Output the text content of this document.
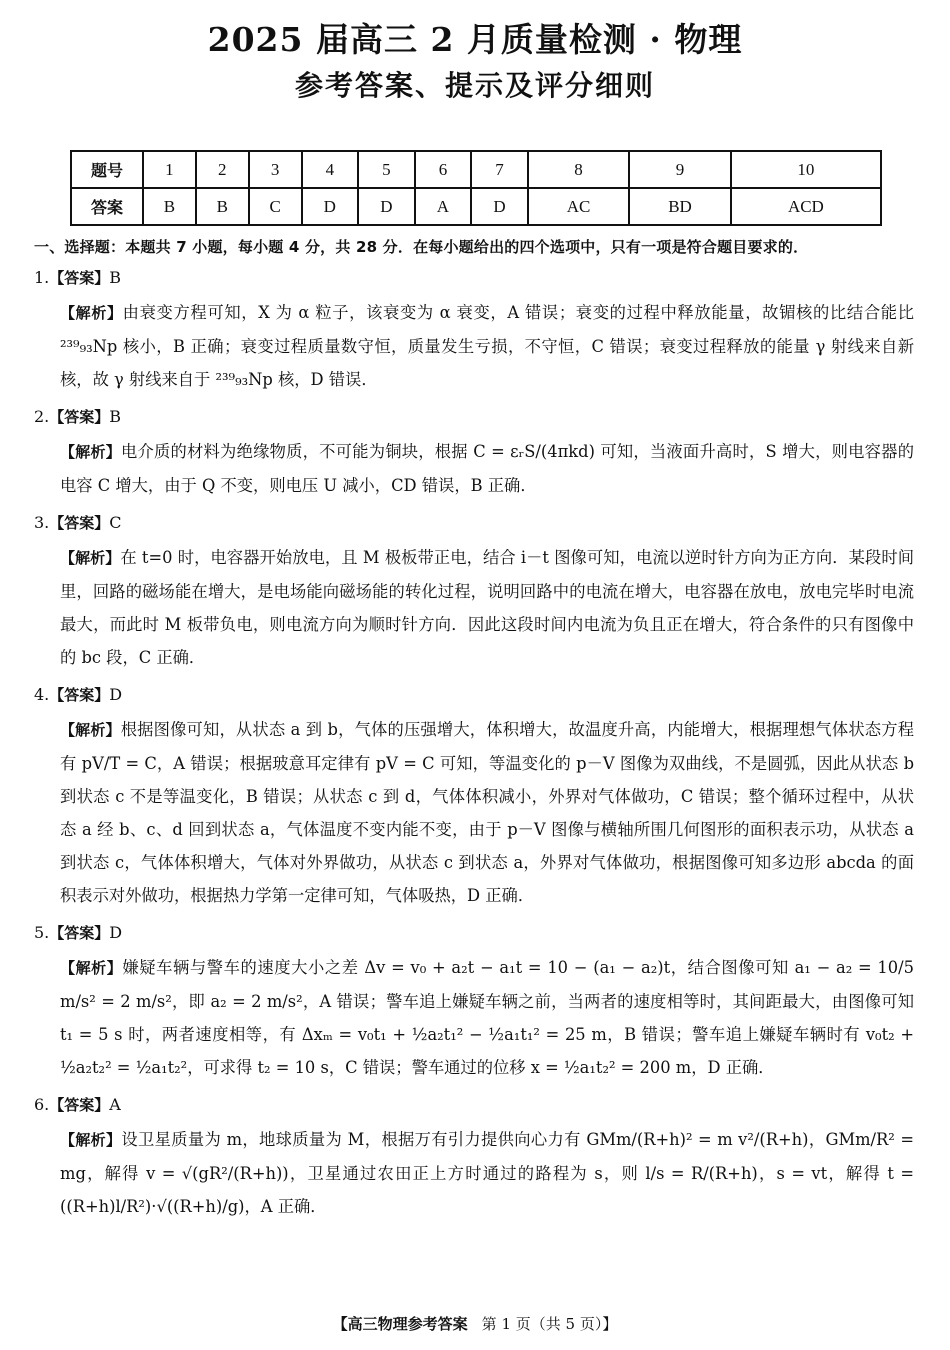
2025 届高三 2 月质量检测 · 物理
参考答案、提示及评分细则
题号	1	2	3	4	5	6	7	8	9	10
答案	B	B	C	D	D	A	D	AC	BD	ACD
一、选择题：本题共 7 小题，每小题 4 分，共 28 分．在每小题给出的四个选项中，只有一项是符合题目要求的．
1.【答案】B

【解析】由衰变方程可知，X 为 α 粒子，该衰变为 α 衰变，A 错误；衰变的过程中释放能量，故镅核的比结合能比 ²³⁹₉₃Np 核小，B 正确；衰变过程质量数守恒，质量发生亏损，不守恒，C 错误；衰变过程释放的能量 γ 射线来自新核，故 γ 射线来自于 ²³⁹₉₃Np 核，D 错误．

2.【答案】B

【解析】电介质的材料为绝缘物质，不可能为铜块，根据 C = εᵣS/(4πkd) 可知，当液面升高时，S 增大，则电容器的电容 C 增大，由于 Q 不变，则电压 U 减小，CD 错误，B 正确．

3.【答案】C

【解析】在 t=0 时，电容器开始放电，且 M 极板带正电，结合 i－t 图像可知，电流以逆时针方向为正方向．某段时间里，回路的磁场能在增大，是电场能向磁场能的转化过程，说明回路中的电流在增大，电容器在放电，放电完毕时电流最大，而此时 M 板带负电，则电流方向为顺时针方向．因此这段时间内电流为负且正在增大，符合条件的只有图像中的 bc 段，C 正确．

4.【答案】D

【解析】根据图像可知，从状态 a 到 b，气体的压强增大，体积增大，故温度升高，内能增大，根据理想气体状态方程有 pV/T = C，A 错误；根据玻意耳定律有 pV = C 可知，等温变化的 p－V 图像为双曲线，不是圆弧，因此从状态 b 到状态 c 不是等温变化，B 错误；从状态 c 到 d，气体体积减小，外界对气体做功，C 错误；整个循环过程中，从状态 a 经 b、c、d 回到状态 a，气体温度不变内能不变，由于 p－V 图像与横轴所围几何图形的面积表示功，从状态 a 到状态 c，气体体积增大，气体对外界做功，从状态 c 到状态 a，外界对气体做功，根据图像可知多边形 abcda 的面积表示对外做功，根据热力学第一定律可知，气体吸热，D 正确．

5.【答案】D

【解析】嫌疑车辆与警车的速度大小之差 Δv = v₀ + a₂t − a₁t = 10 − (a₁ − a₂)t，结合图像可知 a₁ − a₂ = 10/5 m/s² = 2 m/s²，即 a₂ = 2 m/s²，A 错误；警车追上嫌疑车辆之前，当两者的速度相等时，其间距最大，由图像可知 t₁ = 5 s 时，两者速度相等，有 Δxₘ = v₀t₁ + ½a₂t₁² − ½a₁t₁² = 25 m，B 错误；警车追上嫌疑车辆时有 v₀t₂ + ½a₂t₂² = ½a₁t₂²，可求得 t₂ = 10 s，C 错误；警车通过的位移 x = ½a₁t₂² = 200 m，D 正确．

6.【答案】A

【解析】设卫星质量为 m，地球质量为 M，根据万有引力提供向心力有 GMm/(R+h)² = m v²/(R+h)，GMm/R² = mg，解得 v = √(gR²/(R+h))，卫星通过农田正上方时通过的路程为 s，则 l/s = R/(R+h)，s = vt，解得 t = ((R+h)l/R²)·√((R+h)/g)，A 正确．

【高三物理参考答案 第 1 页（共 5 页）】
